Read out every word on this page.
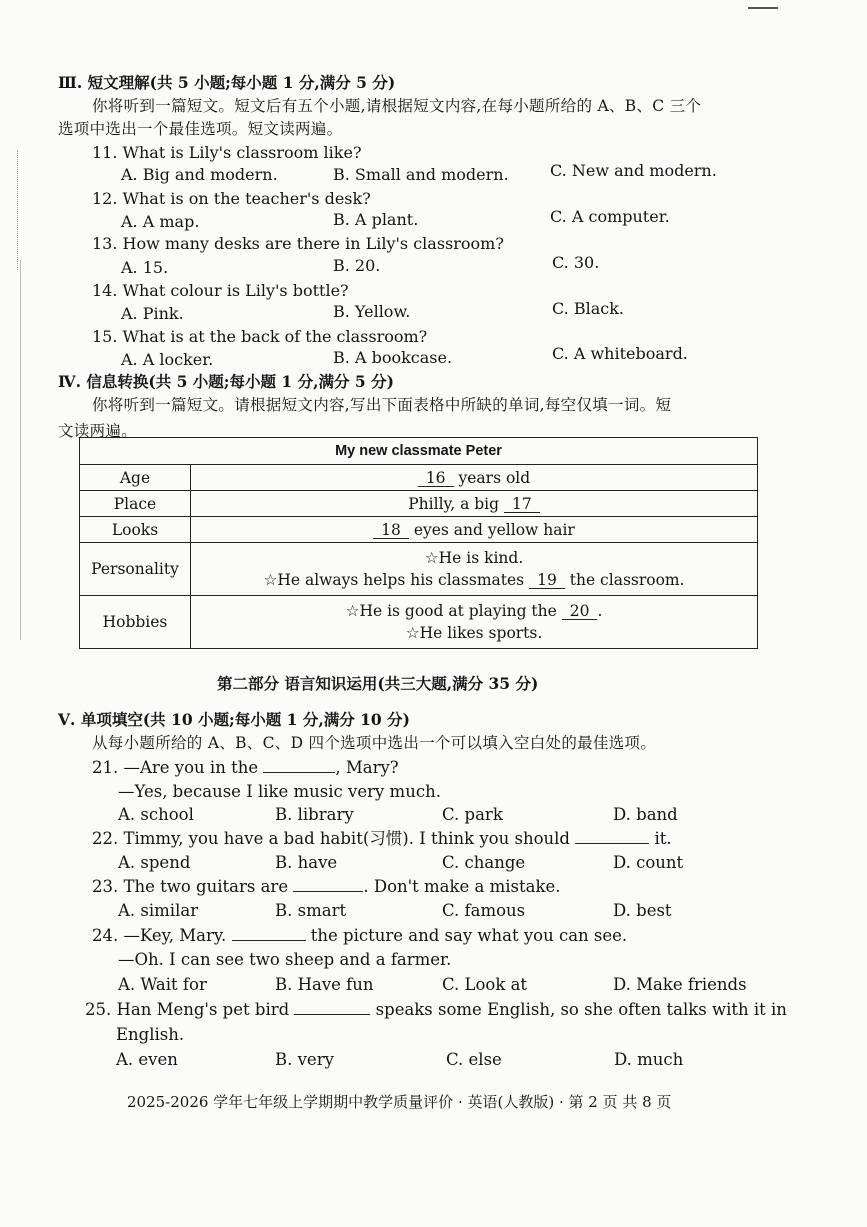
Ⅲ. 短文理解(共 5 小题;每小题 1 分,满分 5 分)
你将听到一篇短文。短文后有五个小题,请根据短文内容,在每小题所给的 A、B、C 三个
选项中选出一个最佳选项。短文读两遍。
11. What is Lily's classroom like?
A. Big and modern.	B. Small and modern.	C. New and modern.
12. What is on the teacher's desk?
A. A map.	B. A plant.	C. A computer.
13. How many desks are there in Lily's classroom?
A. 15.	B. 20.	C. 30.
14. What colour is Lily's bottle?
A. Pink.	B. Yellow.	C. Black.
15. What is at the back of the classroom?
A. A locker.	B. A bookcase.	C. A whiteboard.
Ⅳ. 信息转换(共 5 小题;每小题 1 分,满分 5 分)
你将听到一篇短文。请根据短文内容,写出下面表格中所缺的单词,每空仅填一词。短
文读两遍。
My new classmate Peter	
Age	16 years old
Place	Philly, a big 17
Looks	18 eyes and yellow hair
Personality	☆He is kind.
☆He always helps his classmates 19 the classroom.

Hobbies	☆He is good at playing the 20 .
☆He likes sports.
第二部分 语言知识运用(共三大题,满分 35 分)
Ⅴ. 单项填空(共 10 小题;每小题 1 分,满分 10 分)
从每小题所给的 A、B、C、D 四个选项中选出一个可以填入空白处的最佳选项。
21. —Are you in the	, Mary?
—Yes, because I like music very much.
A. school	B. library	C. park	D. band
22. Timmy, you have a bad habit(习惯). I think you should	it.
A. spend	B. have	C. change	D. count
23. The two guitars are	. Don't make a mistake.
A. similar	B. smart	C. famous	D. best
24. —Key, Mary.	the picture and say what you can see.
—Oh. I can see two sheep and a farmer.
A. Wait for	B. Have fun	C. Look at	D. Make friends
25. Han Meng's pet bird	speaks some English, so she often talks with it in
English.
A. even	B. very	C. else	D. much
2025-2026 学年七年级上学期期中教学质量评价 · 英语(人教版) · 第 2 页 共 8 页
